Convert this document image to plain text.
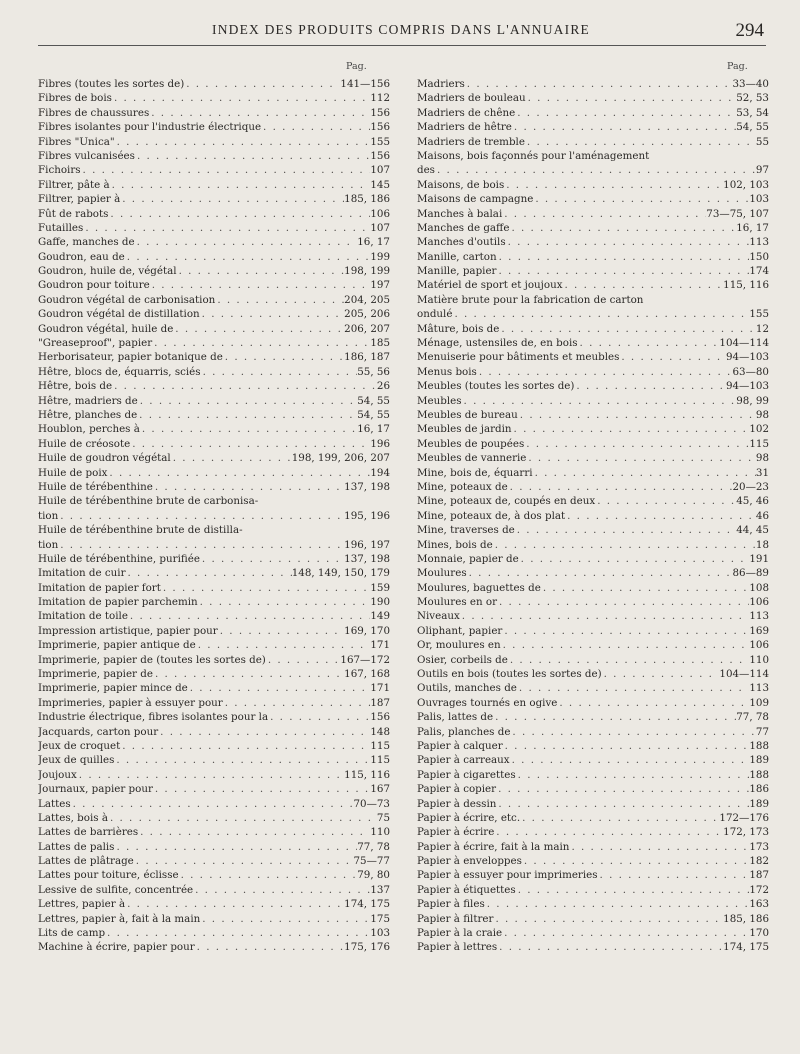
INDEX DES PRODUITS COMPRIS DANS L'ANNUAIRE	294
Pag.	Pag.
Fibres (toutes les sortes de) . . .	141—156
Fibres de bois . . .	112
Fibres de chaussures . . .	156
Fibres isolantes pour l'industrie électrique . . .	156
Fibres "Unica" . . .	155
Fibres vulcanisées . . .	156
Fichoirs . . .	107
Filtrer, pâte à . . .	145
Filtrer, papier à . . .	185, 186
Fût de rabots . . .	106
Futailles . . .	107
Gaffe, manches de . . .	16, 17
Goudron, eau de . . .	199
Goudron, huile de, végétal . . .	198, 199
Goudron pour toiture . . .	197
Goudron végétal de carbonisation . . .	204, 205
Goudron végétal de distillation . . .	205, 206
Goudron végétal, huile de . . .	206, 207
"Greaseproof", papier . . .	185
Herborisateur, papier botanique de . . .	186, 187
Hêtre, blocs de, équarris, sciés . . .	55, 56
Hêtre, bois de . . .	26
Hêtre, madriers de . . .	54, 55
Hêtre, planches de . . .	54, 55
Houblon, perches à . . .	16, 17
Huile de créosote . . .	196
Huile de goudron végétal . . .	198, 199, 206, 207
Huile de poix . . .	194
Huile de térébenthine . . .	137, 198
Huile de térébenthine brute de carbonisa-
tion . . .	195, 196
Huile de térébenthine brute de distilla-
tion . . .	196, 197
Huile de térébenthine, purifiée . . .	137, 198
Imitation de cuir . . .	148, 149, 150, 179
Imitation de papier fort . . .	159
Imitation de papier parchemin . . .	190
Imitation de toile . . .	149
Impression artistique, papier pour . . .	169, 170
Imprimerie, papier antique de . . .	171
Imprimerie, papier de (toutes les sortes de) . . .	167—172
Imprimerie, papier de . . .	167, 168
Imprimerie, papier mince de . . .	171
Imprimeries, papier à essuyer pour . . .	187
Industrie électrique, fibres isolantes pour la . . .	156
Jacquards, carton pour . . .	148
Jeux de croquet . . .	115
Jeux de quilles . . .	115
Joujoux . . .	115, 116
Journaux, papier pour . . .	167
Lattes . . .	70—73
Lattes, bois à . . .	75
Lattes de barrières . . .	110
Lattes de palis . . .	77, 78
Lattes de plâtrage . . .	75—77
Lattes pour toiture, éclisse . . .	79, 80
Lessive de sulfite, concentrée . . .	137
Lettres, papier à . . .	174, 175
Lettres, papier à, fait à la main . . .	175
Lits de camp . . .	103
Machine à écrire, papier pour . . .	175, 176
Madriers . . .	33—40
Madriers de bouleau . . .	52, 53
Madriers de chêne . . .	53, 54
Madriers de hêtre . . .	54, 55
Madriers de tremble . . .	55
Maisons, bois façonnés pour l'aménagement
des . . .	97
Maisons, de bois . . .	102, 103
Maisons de campagne . . .	103
Manches à balai . . .	73—75, 107
Manches de gaffe . . .	16, 17
Manches d'outils . . .	113
Manille, carton . . .	150
Manille, papier . . .	174
Matériel de sport et joujoux . . .	115, 116
Matière brute pour la fabrication de carton
ondulé . . .	155
Mâture, bois de . . .	12
Ménage, ustensiles de, en bois . . .	104—114
Menuiserie pour bâtiments et meubles . . .	94—103
Menus bois . . .	63—80
Meubles (toutes les sortes de) . . .	94—103
Meubles . . .	98, 99
Meubles de bureau . . .	98
Meubles de jardin . . .	102
Meubles de poupées . . .	115
Meubles de vannerie . . .	98
Mine, bois de, équarri . . .	31
Mine, poteaux de . . .	20—23
Mine, poteaux de, coupés en deux . . .	45, 46
Mine, poteaux de, à dos plat . . .	46
Mine, traverses de . . .	44, 45
Mines, bois de . . .	18
Monnaie, papier de . . .	191
Moulures . . .	86—89
Moulures, baguettes de . . .	108
Moulures en or . . .	106
Niveaux . . .	113
Oliphant, papier . . .	169
Or, moulures en . . .	106
Osier, corbeils de . . .	110
Outils en bois (toutes les sortes de) . . .	104—114
Outils, manches de . . .	113
Ouvrages tournés en ogive . . .	109
Palis, lattes de . . .	77, 78
Palis, planches de . . .	77
Papier à calquer . . .	188
Papier à carreaux . . .	189
Papier à cigarettes . . .	188
Papier à copier . . .	186
Papier à dessin . . .	189
Papier à écrire, etc. . . .	172—176
Papier à écrire . . .	172, 173
Papier à écrire, fait à la main . . .	173
Papier à enveloppes . . .	182
Papier à essuyer pour imprimeries . . .	187
Papier à étiquettes . . .	172
Papier à files . . .	163
Papier à filtrer . . .	185, 186
Papier à la craie . . .	170
Papier à lettres . . .	174, 175
